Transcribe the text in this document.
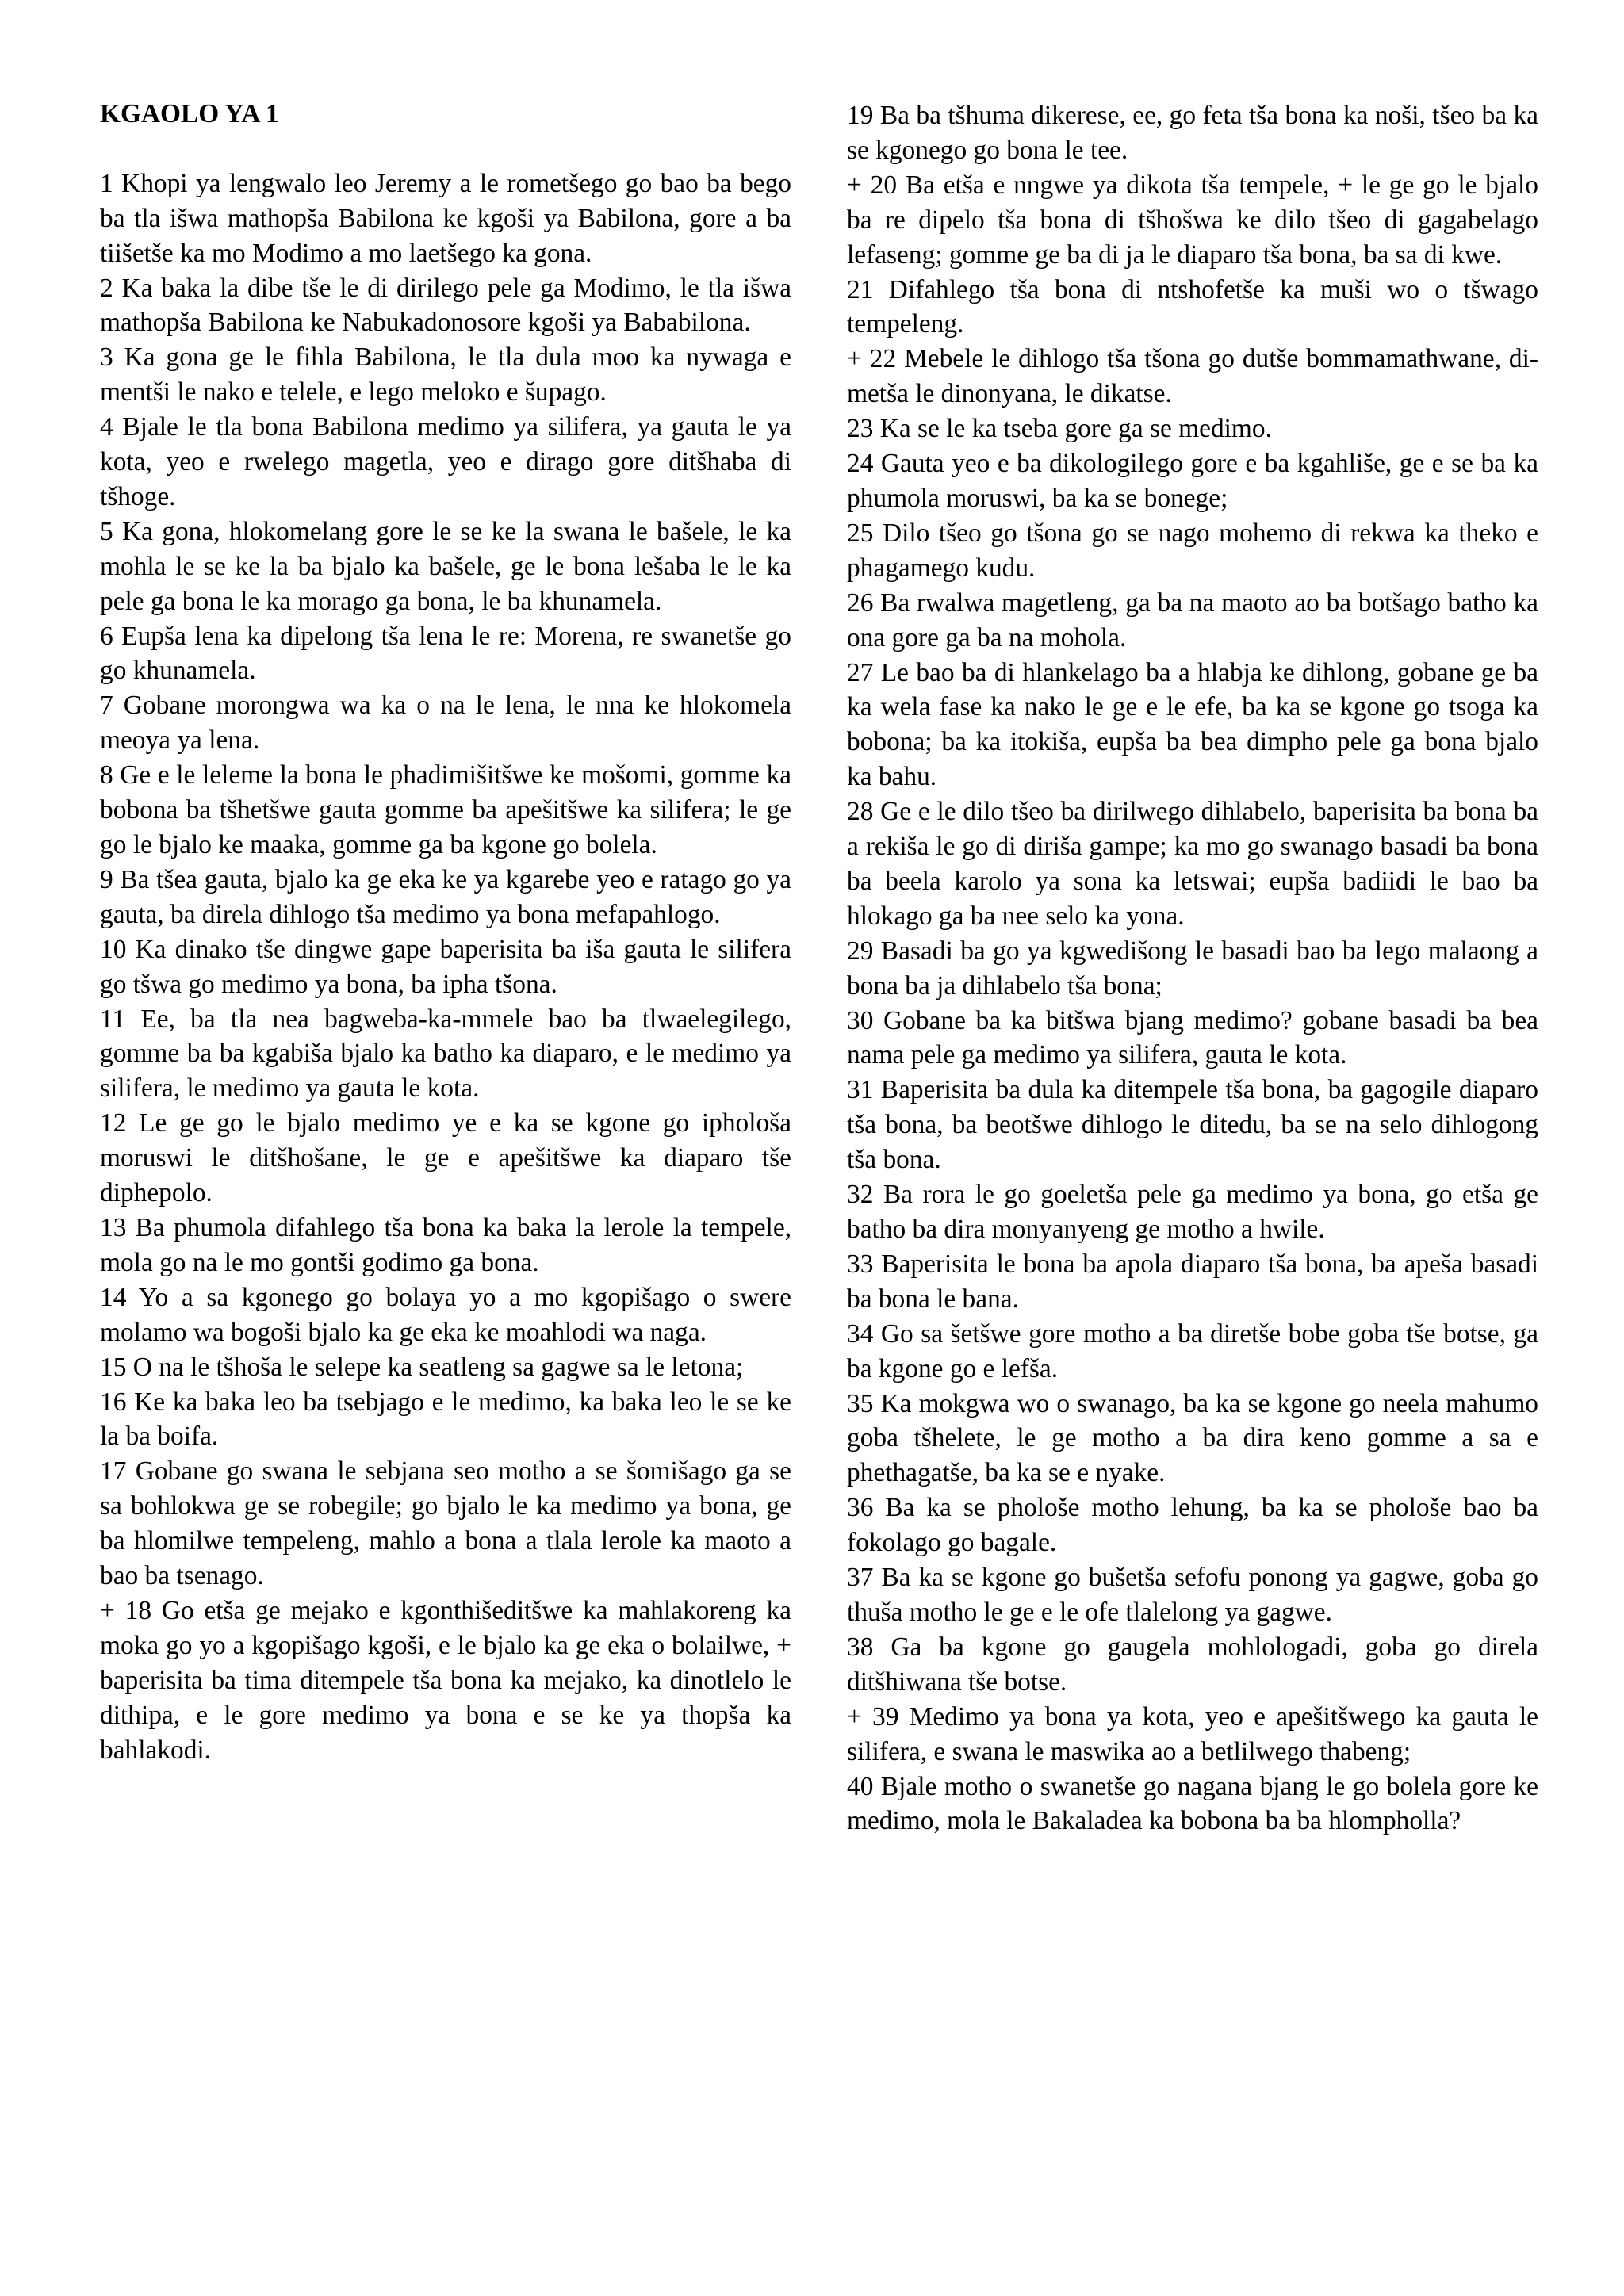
KGAOLO YA 1

1 Khopi ya lengwalo leo Jeremy a le rometšego go bao ba bego ba tla išwa mathopša Babilona ke kgoši ya Babilona, gore a ba tiišetše ka mo Modimo a mo laetšego ka gona.

2 Ka baka la dibe tše le di dirilego pele ga Modimo, le tla išwa mathopša Babilona ke Nabukadonosore kgoši ya Bababilona.

3 Ka gona ge le fihla Babilona, le tla dula moo ka nywaga e mentši le nako e telele, e lego meloko e šupago.

4 Bjale le tla bona Babilona medimo ya silifera, ya gauta le ya kota, yeo e rwelego magetla, yeo e dirago gore ditšhaba di tšhoge.

5 Ka gona, hlokomelang gore le se ke la swana le bašele, le ka mohla le se ke la ba bjalo ka bašele, ge le bona lešaba le le ka pele ga bona le ka morago ga bona, le ba khunamela.

6 Eupša lena ka dipelong tša lena le re: Morena, re swanetše go go khunamela.

7 Gobane morongwa wa ka o na le lena, le nna ke hlokomela meoya ya lena.

8 Ge e le leleme la bona le phadimišitšwe ke mošomi, gomme ka bobona ba tšhetšwe gauta gomme ba apešitšwe ka silifera; le ge go le bjalo ke maaka, gomme ga ba kgone go bolela.

9 Ba tšea gauta, bjalo ka ge eka ke ya kgarebe yeo e ratago go ya gauta, ba direla dihlogo tša medimo ya bona mefapahlogo.

10 Ka dinako tše dingwe gape baperisita ba iša gauta le silifera go tšwa go medimo ya bona, ba ipha tšona.

11 Ee, ba tla nea bagweba-ka-mmele bao ba tlwaelegilego, gomme ba ba kgabiša bjalo ka batho ka diaparo, e le medimo ya silifera, le medimo ya gauta le kota.

12 Le ge go le bjalo medimo ye e ka se kgone go iphološa moruswi le ditšhošane, le ge e apešitšwe ka diaparo tše diphepolo.

13 Ba phumola difahlego tša bona ka baka la lerole la tempele, mola go na le mo gontši godimo ga bona.

14 Yo a sa kgonego go bolaya yo a mo kgopišago o swere molamo wa bogoši bjalo ka ge eka ke moahlodi wa naga.

15 O na le tšhoša le selepe ka seatleng sa gagwe sa le letona;

16 Ke ka baka leo ba tsebjago e le medimo, ka baka leo le se ke la ba boifa.

17 Gobane go swana le sebjana seo motho a se šomišago ga se sa bohlokwa ge se robegile; go bjalo le ka medimo ya bona, ge ba hlomilwe tempeleng, mahlo a bona a tlala lerole ka maoto a bao ba tsenago.

+ 18 Go etša ge mejako e kgonthišeditšwe ka mahlakoreng ka moka go yo a kgopišago kgoši, e le bjalo ka ge eka o bolailwe, + baperisita ba tima ditempele tša bona ka mejako, ka dinotlelo le dithipa, e le gore medimo ya bona e se ke ya thopša ka bahlakodi.

19 Ba ba tšhuma dikerese, ee, go feta tša bona ka noši, tšeo ba ka se kgonego go bona le tee.

+ 20 Ba etša e nngwe ya dikota tša tempele, + le ge go le bjalo ba re dipelo tša bona di tšhošwa ke dilo tšeo di gagabelago lefaseng; gomme ge ba di ja le diaparo tša bona, ba sa di kwe.

21 Difahlego tša bona di ntshofetše ka muši wo o tšwago tempeleng.

+ 22 Mebele le dihlogo tša tšona go dutše bommamathwane, di- metša le dinonyana, le dikatse.

23 Ka se le ka tseba gore ga se medimo.

24 Gauta yeo e ba dikologilego gore e ba kgahliše, ge e se ba ka phumola moruswi, ba ka se bonege;

25 Dilo tšeo go tšona go se nago mohemo di rekwa ka theko e phagamego kudu.

26 Ba rwalwa magetleng, ga ba na maoto ao ba botšago batho ka ona gore ga ba na mohola.

27 Le bao ba di hlankelago ba a hlabja ke dihlong, gobane ge ba ka wela fase ka nako le ge e le efe, ba ka se kgone go tsoga ka bobona; ba ka itokiša, eupša ba bea dimpho pele ga bona bjalo ka bahu.

28 Ge e le dilo tšeo ba dirilwego dihlabelo, baperisita ba bona ba a rekiša le go di diriša gampe; ka mo go swanago basadi ba bona ba beela karolo ya sona ka letswai; eupša badiidi le bao ba hlokago ga ba nee selo ka yona.

29 Basadi ba go ya kgwedišong le basadi bao ba lego malaong a bona ba ja dihlabelo tša bona;

30 Gobane ba ka bitšwa bjang medimo? gobane basadi ba bea nama pele ga medimo ya silifera, gauta le kota.

31 Baperisita ba dula ka ditempele tša bona, ba gagogile diaparo tša bona, ba beotšwe dihlogo le ditedu, ba se na selo dihlogong tša bona.

32 Ba rora le go goeletša pele ga medimo ya bona, go etša ge batho ba dira monyanyeng ge motho a hwile.

33 Baperisita le bona ba apola diaparo tša bona, ba apeša basadi ba bona le bana.

34 Go sa šetšwe gore motho a ba diretše bobe goba tše botse, ga ba kgone go e lefša.

35 Ka mokgwa wo o swanago, ba ka se kgone go neela mahumo goba tšhelete, le ge motho a ba dira keno gomme a sa e phethagatše, ba ka se e nyake.

36 Ba ka se phološe motho lehung, ba ka se phološe bao ba fokolago go bagale.

37 Ba ka se kgone go bušetša sefofu ponong ya gagwe, goba go thuša motho le ge e le ofe tlalelong ya gagwe.

38 Ga ba kgone go gaugela mohlologadi, goba go direla ditšhiwana tše botse.

+ 39 Medimo ya bona ya kota, yeo e apešitšwego ka gauta le silifera, e swana le maswika ao a betlilwego thabeng;

40 Bjale motho o swanetše go nagana bjang le go bolela gore ke medimo, mola le Bakaladea ka bobona ba ba hlompholla?
